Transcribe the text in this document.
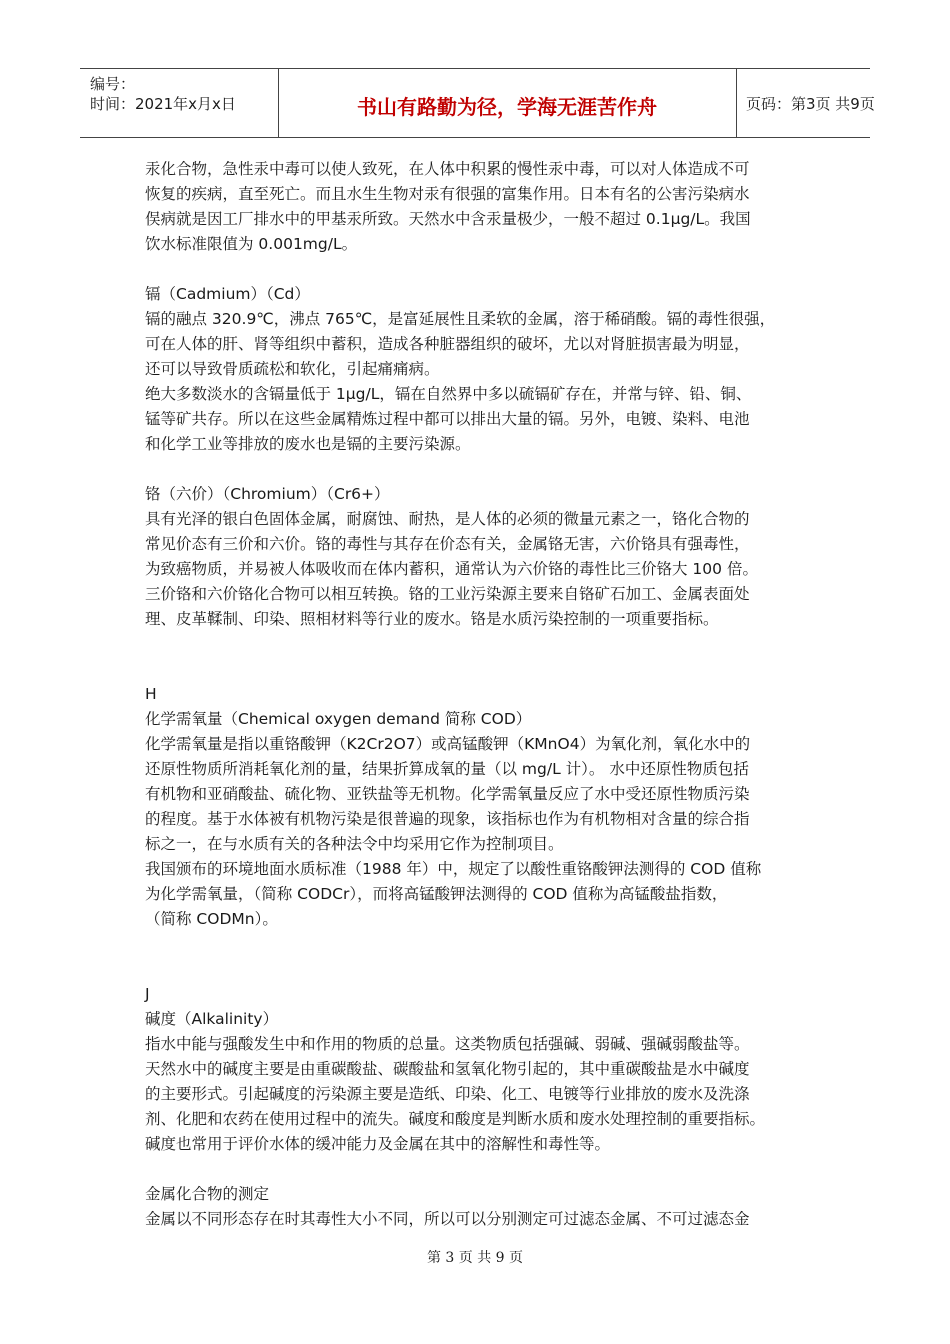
编号：
时间：2021年x月x日	书山有路勤为径，学海无涯苦作舟	页码：第3页 共9页

汞化合物，急性汞中毒可以使人致死，在人体中积累的慢性汞中毒，可以对人体造成不可

恢复的疾病，直至死亡。而且水生生物对汞有很强的富集作用。日本有名的公害污染病水

俣病就是因工厂排水中的甲基汞所致。天然水中含汞量极少，一般不超过 0.1μg/L。我国

饮水标准限值为 0.001mg/L。

镉（Cadmium）（Cd）

镉的融点 320.9℃，沸点 765℃，是富延展性且柔软的金属，溶于稀硝酸。镉的毒性很强，

可在人体的肝、肾等组织中蓄积，造成各种脏器组织的破坏，尤以对肾脏损害最为明显，

还可以导致骨质疏松和软化，引起痛痛病。

绝大多数淡水的含镉量低于 1μg/L，镉在自然界中多以硫镉矿存在，并常与锌、铅、铜、

锰等矿共存。所以在这些金属精炼过程中都可以排出大量的镉。另外，电镀、染料、电池

和化学工业等排放的废水也是镉的主要污染源。

铬（六价）（Chromium）（Cr6+）

具有光泽的银白色固体金属，耐腐蚀、耐热，是人体的必须的微量元素之一，铬化合物的

常见价态有三价和六价。铬的毒性与其存在价态有关，金属铬无害，六价铬具有强毒性，

为致癌物质，并易被人体吸收而在体内蓄积，通常认为六价铬的毒性比三价铬大 100 倍。

三价铬和六价铬化合物可以相互转换。铬的工业污染源主要来自铬矿石加工、金属表面处

理、皮革鞣制、印染、照相材料等行业的废水。铬是水质污染控制的一项重要指标。

H

化学需氧量（Chemical oxygen demand 简称 COD）

化学需氧量是指以重铬酸钾（K2Cr2O7）或高锰酸钾（KMnO4）为氧化剂，氧化水中的

还原性物质所消耗氧化剂的量，结果折算成氧的量（以 mg/L 计）。 水中还原性物质包括

有机物和亚硝酸盐、硫化物、亚铁盐等无机物。化学需氧量反应了水中受还原性物质污染

的程度。基于水体被有机物污染是很普遍的现象，该指标也作为有机物相对含量的综合指

标之一，在与水质有关的各种法令中均采用它作为控制项目。

我国颁布的环境地面水质标准（1988 年）中，规定了以酸性重铬酸钾法测得的 COD 值称

为化学需氧量，（简称 CODCr），而将高锰酸钾法测得的 COD 值称为高锰酸盐指数，

（简称 CODMn）。

J

碱度（Alkalinity）

指水中能与强酸发生中和作用的物质的总量。这类物质包括强碱、弱碱、强碱弱酸盐等。

天然水中的碱度主要是由重碳酸盐、碳酸盐和氢氧化物引起的，其中重碳酸盐是水中碱度

的主要形式。引起碱度的污染源主要是造纸、印染、化工、电镀等行业排放的废水及洗涤

剂、化肥和农药在使用过程中的流失。碱度和酸度是判断水质和废水处理控制的重要指标。

碱度也常用于评价水体的缓冲能力及金属在其中的溶解性和毒性等。

金属化合物的测定

金属以不同形态存在时其毒性大小不同，所以可以分别测定可过滤态金属、不可过滤态金

第 3 页 共 9 页
